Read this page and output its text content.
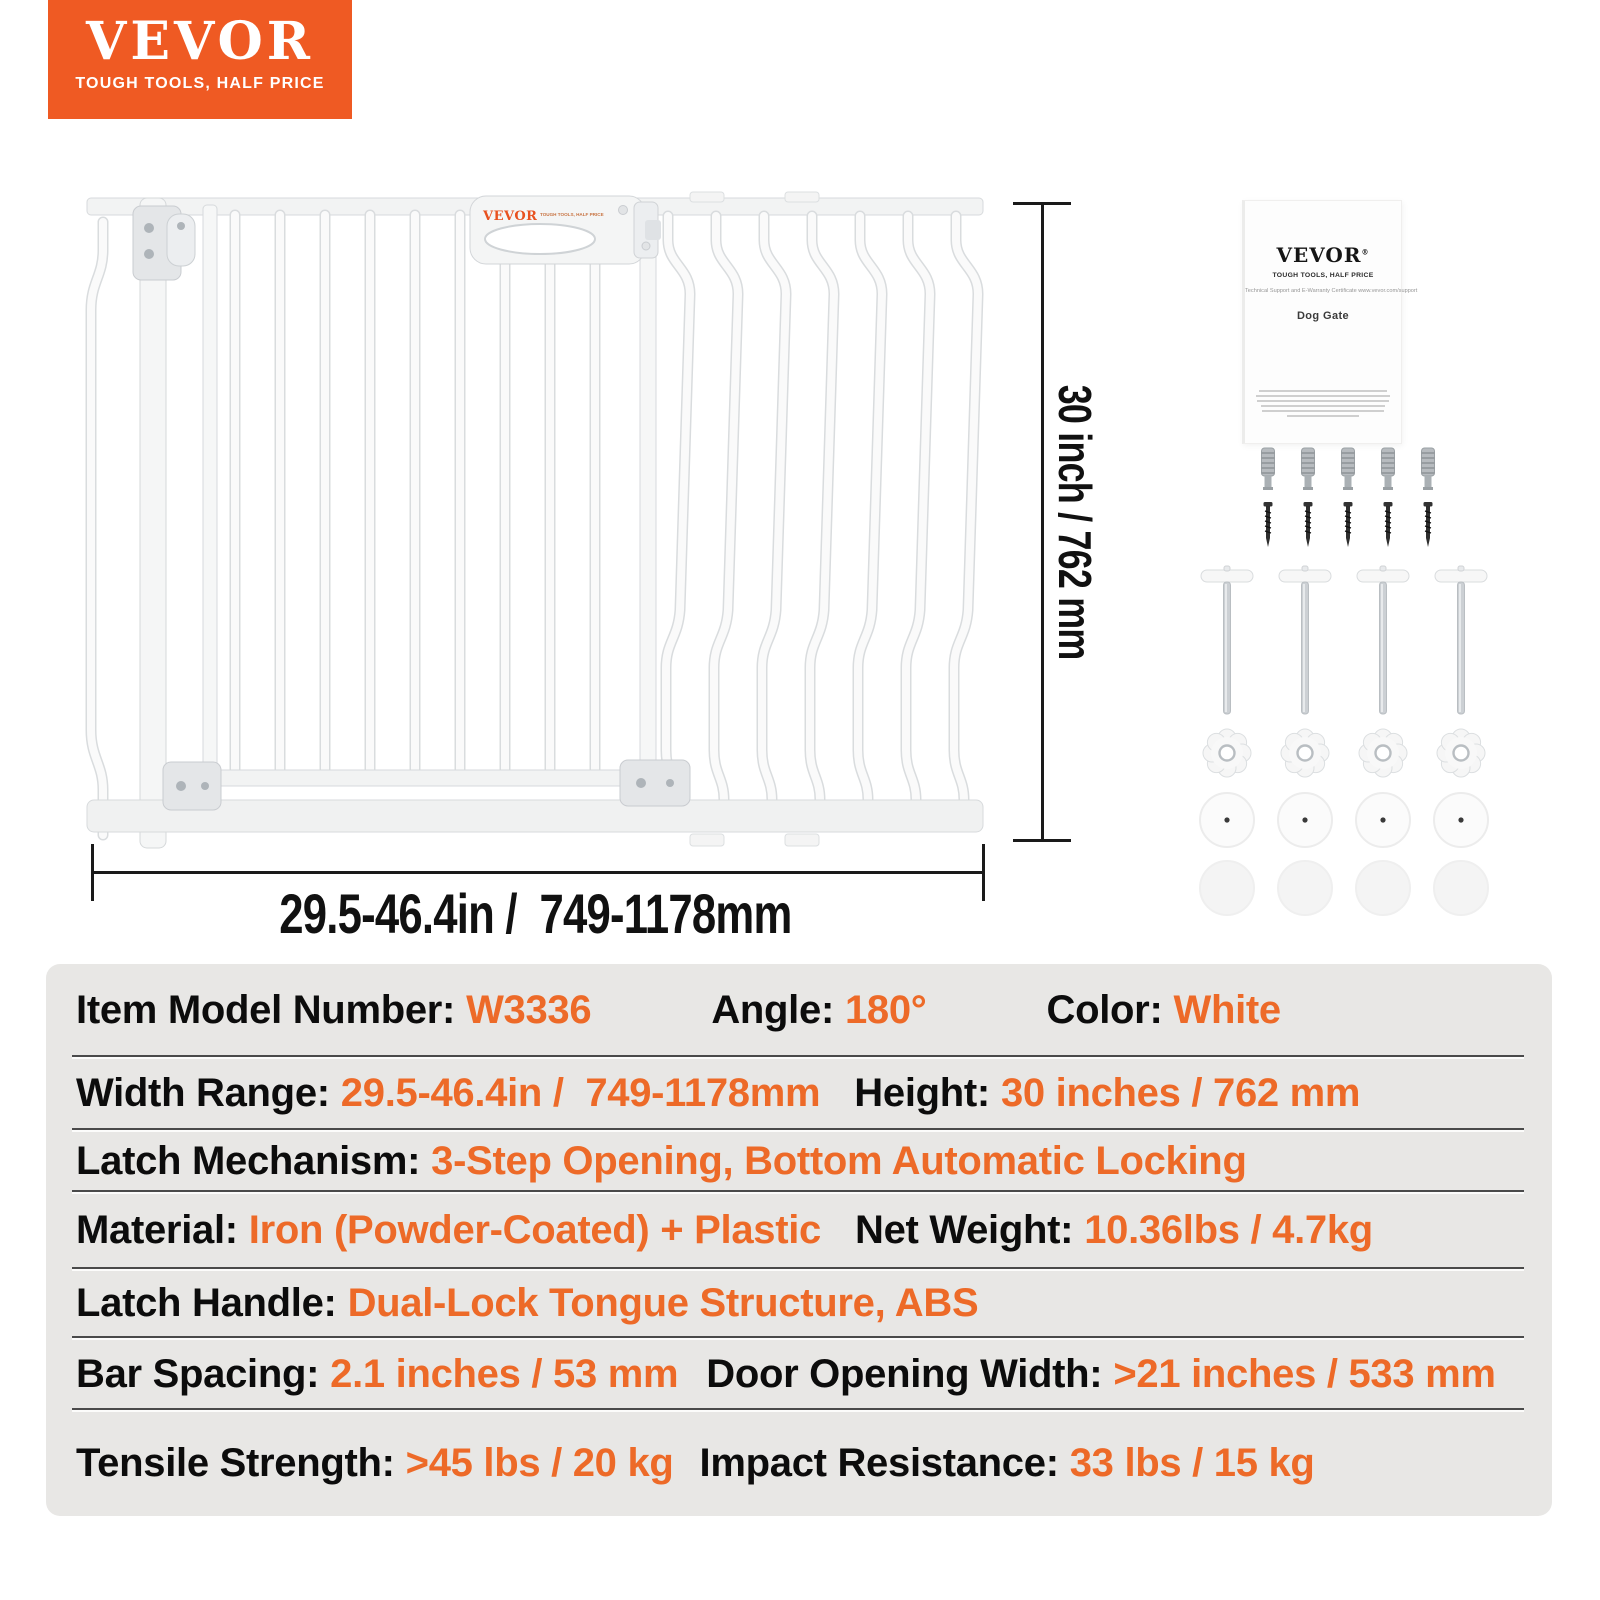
VEVOR
TOUGH TOOLS, HALF PRICE
VEVOR TOUGH TOOLS, HALF PRICE
30 inch / 762 mm
29.5-46.4in /  749-1178mm
VEVOR®
TOUGH TOOLS, HALF PRICE
Technical Support and E-Warranty Certificate www.vevor.com/support
Dog Gate
Item Model Number: W3336	Angle: 180°	Color: White
Width Range: 29.5-46.4in /  749-1178mm Height: 30 inches / 762 mm
Latch Mechanism: 3-Step Opening, Bottom Automatic Locking
Material: Iron (Powder-Coated) + Plastic Net Weight: 10.36lbs / 4.7kg
Latch Handle: Dual-Lock Tongue Structure, ABS
Bar Spacing: 2.1 inches / 53 mm Door Opening Width: >21 inches / 533 mm
Tensile Strength: >45 lbs / 20 kg Impact Resistance: 33 lbs / 15 kg
